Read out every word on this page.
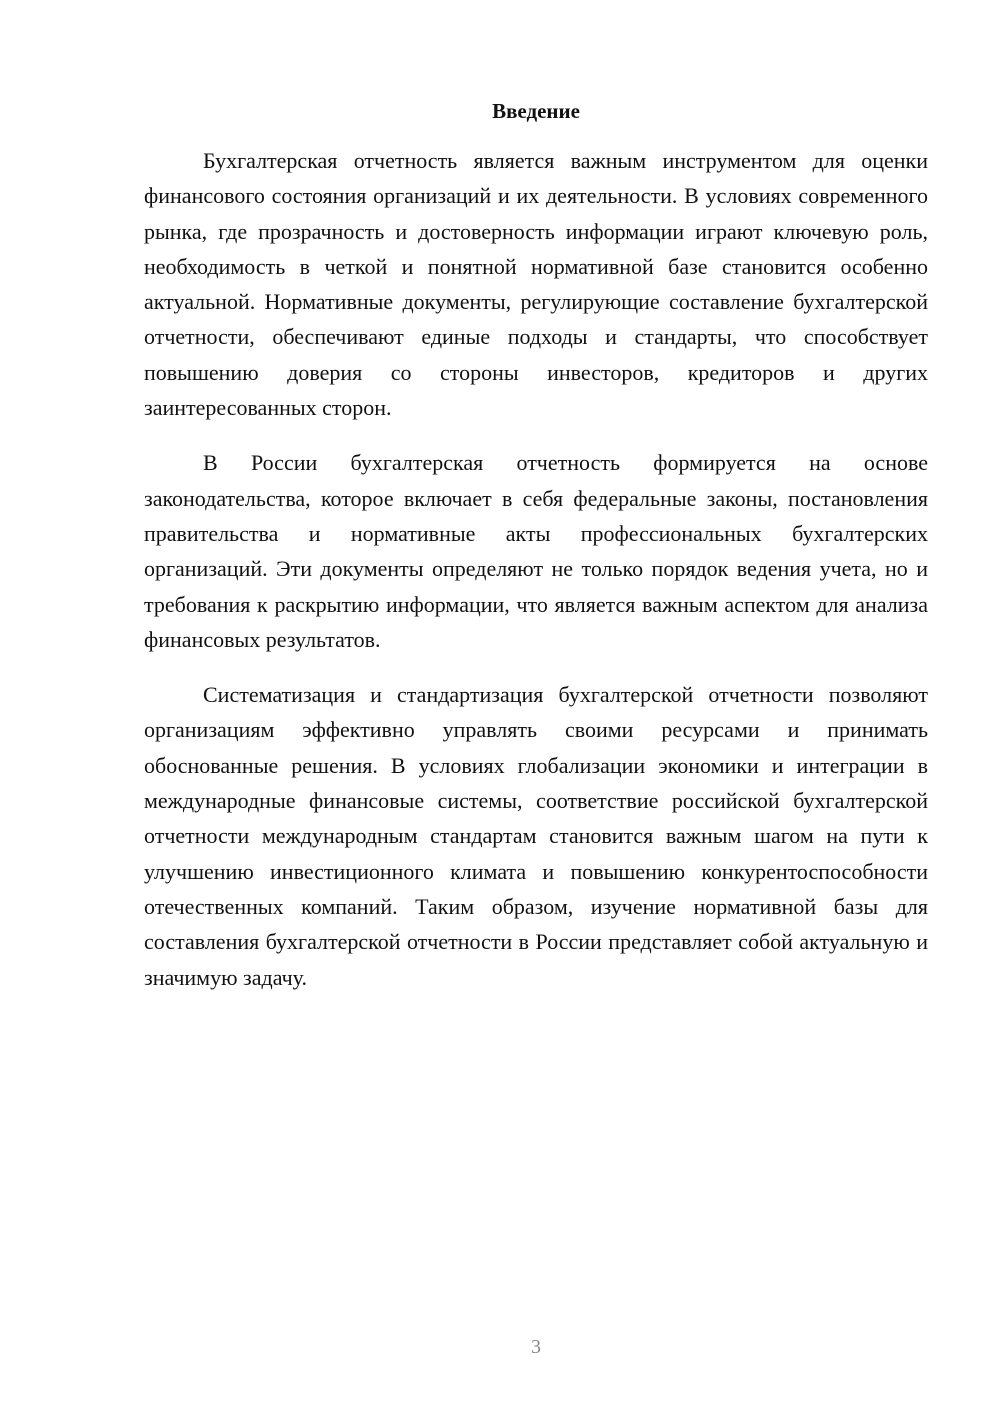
Введение

Бухгалтерская отчетность является важным инструментом для оценки финансового состояния организаций и их деятельности. В условиях современного рынка, где прозрачность и достоверность информации играют ключевую роль, необходимость в четкой и понятной нормативной базе становится особенно актуальной. Нормативные документы, регулирующие составление бухгалтерской отчетности, обеспечивают единые подходы и стандарты, что способствует повышению доверия со стороны инвесторов, кредиторов и других заинтересованных сторон.

В России бухгалтерская отчетность формируется на основе законодательства, которое включает в себя федеральные законы, постановления правительства и нормативные акты профессиональных бухгалтерских организаций. Эти документы определяют не только порядок ведения учета, но и требования к раскрытию информации, что является важным аспектом для анализа финансовых результатов.

Систематизация и стандартизация бухгалтерской отчетности позволяют организациям эффективно управлять своими ресурсами и принимать обоснованные решения. В условиях глобализации экономики и интеграции в международные финансовые системы, соответствие российской бухгалтерской отчетности международным стандартам становится важным шагом на пути к улучшению инвестиционного климата и повышению конкурентоспособности отечественных компаний. Таким образом, изучение нормативной базы для составления бухгалтерской отчетности в России представляет собой актуальную и значимую задачу.

3
